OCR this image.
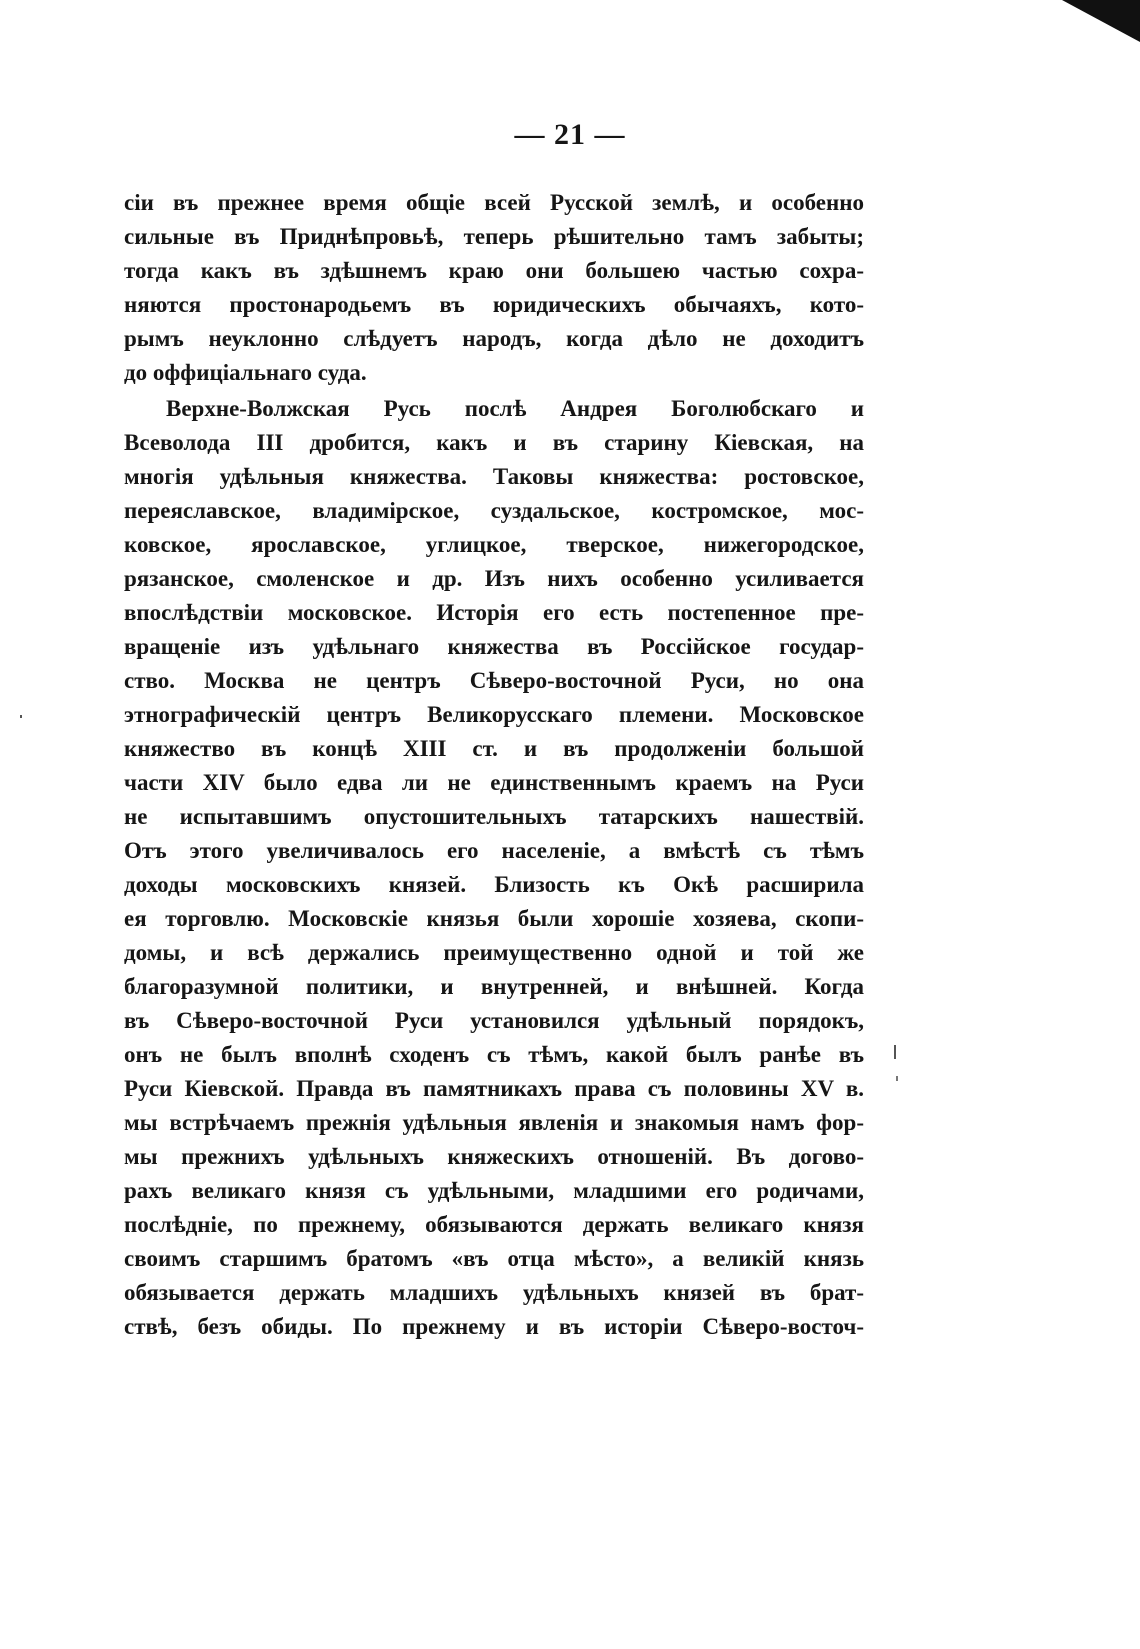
— 21 —
сіи въ прежнее время общіе всей Русской землѣ, и особенно
сильные въ Приднѣпровьѣ, теперь рѣшительно тамъ забыты;
тогда какъ въ здѣшнемъ краю они большею частью сохра-
няются простонародьемъ въ юридическихъ обычаяхъ, кото-
рымъ неуклонно слѣдуетъ народъ, когда дѣло не доходитъ
до оффиціальнаго суда.
Верхне-Волжская Русь послѣ Андрея Боголюбскаго и
Всеволода III дробится, какъ и въ старину Кіевская, на
многія удѣльныя княжества. Таковы княжества: ростовское,
переяславское, владимірское, суздальское, костромское, мос-
ковское, ярославское, углицкое, тверское, нижегородское,
рязанское, смоленское и др. Изъ нихъ особенно усиливается
впослѣдствіи московское. Исторія его есть постепенное пре-
вращеніе изъ удѣльнаго княжества въ Россійское государ-
ство. Москва не центръ Сѣверо-восточной Руси, но она
этнографическій центръ Великорусскаго племени. Московское
княжество въ концѣ XIII ст. и въ продолженіи большой
части XIV было едва ли не единственнымъ краемъ на Руси
не испытавшимъ опустошительныхъ татарскихъ нашествій.
Отъ этого увеличивалось его населеніе, а вмѣстѣ съ тѣмъ
доходы московскихъ князей. Близость къ Окѣ расширила
ея торговлю. Московскіе князья были хорошіе хозяева, скопи-
домы, и всѣ держались преимущественно одной и той же
благоразумной политики, и внутренней, и внѣшней. Когда
въ Сѣверо-восточной Руси установился удѣльный порядокъ,
онъ не былъ вполнѣ сходенъ съ тѣмъ, какой былъ ранѣе въ
Руси Кіевской. Правда въ памятникахъ права съ половины XV в.
мы встрѣчаемъ прежнія удѣльныя явленія и знакомыя намъ фор-
мы прежнихъ удѣльныхъ княжескихъ отношеній. Въ догово-
рахъ великаго князя съ удѣльными, младшими его родичами,
послѣдніе, по прежнему, обязываются держать великаго князя
своимъ старшимъ братомъ «въ отца мѣсто», а великій князь
обязывается держать младшихъ удѣльныхъ князей въ брат-
ствѣ, безъ обиды. По прежнему и въ исторіи Сѣверо-восточ-
